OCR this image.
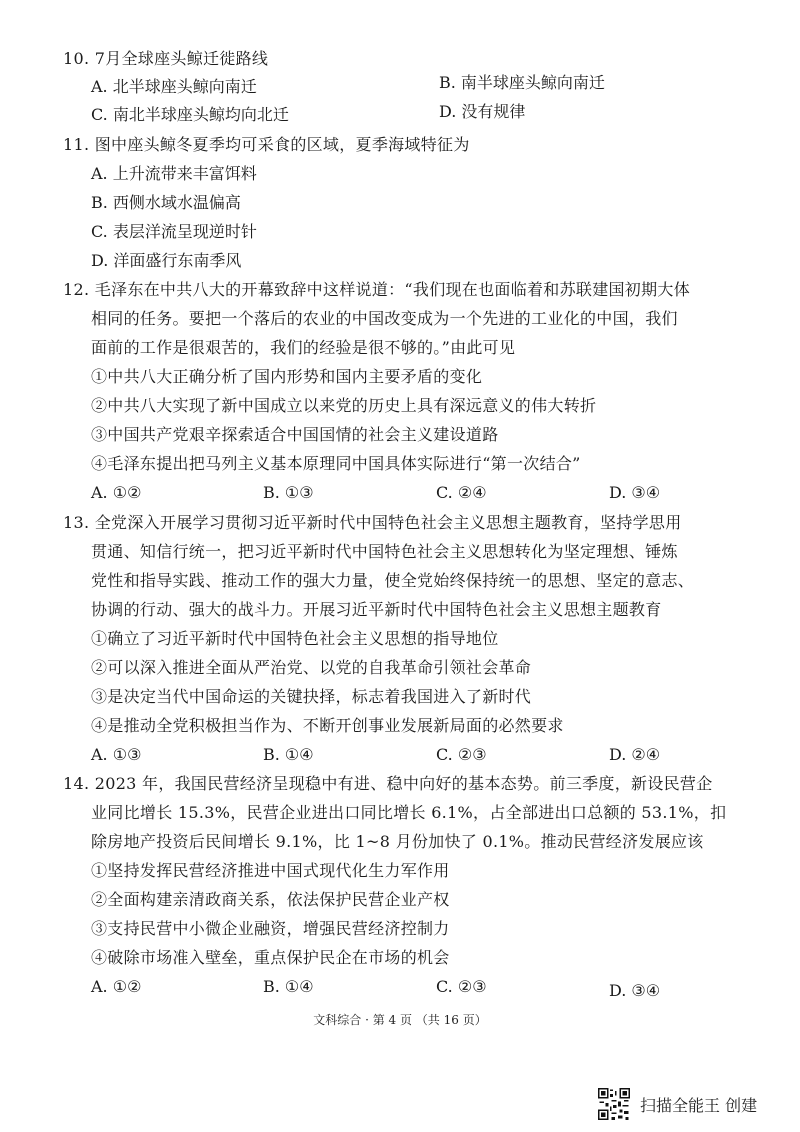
10. 7月全球座头鲸迁徙路线
A. 北半球座头鲸向南迁	B. 南半球座头鲸向南迁
C. 南北半球座头鲸均向北迁	D. 没有规律
11. 图中座头鲸冬夏季均可采食的区域，夏季海域特征为
A. 上升流带来丰富饵料
B. 西侧水域水温偏高
C. 表层洋流呈现逆时针
D. 洋面盛行东南季风
12. 毛泽东在中共八大的开幕致辞中这样说道：“我们现在也面临着和苏联建国初期大体
相同的任务。要把一个落后的农业的中国改变成为一个先进的工业化的中国，我们
面前的工作是很艰苦的，我们的经验是很不够的。”由此可见
①中共八大正确分析了国内形势和国内主要矛盾的变化
②中共八大实现了新中国成立以来党的历史上具有深远意义的伟大转折
③中国共产党艰辛探索适合中国国情的社会主义建设道路
④毛泽东提出把马列主义基本原理同中国具体实际进行“第一次结合”
A. ①②	B. ①③	C. ②④	D. ③④
13. 全党深入开展学习贯彻习近平新时代中国特色社会主义思想主题教育，坚持学思用
贯通、知信行统一，把习近平新时代中国特色社会主义思想转化为坚定理想、锤炼
党性和指导实践、推动工作的强大力量，使全党始终保持统一的思想、坚定的意志、
协调的行动、强大的战斗力。开展习近平新时代中国特色社会主义思想主题教育
①确立了习近平新时代中国特色社会主义思想的指导地位
②可以深入推进全面从严治党、以党的自我革命引领社会革命
③是决定当代中国命运的关键抉择，标志着我国进入了新时代
④是推动全党积极担当作为、不断开创事业发展新局面的必然要求
A. ①③	B. ①④	C. ②③	D. ②④
14. 2023 年，我国民营经济呈现稳中有进、稳中向好的基本态势。前三季度，新设民营企
业同比增长 15.3%，民营企业进出口同比增长 6.1%，占全部进出口总额的 53.1%，扣
除房地产投资后民间增长 9.1%，比 1~8 月份加快了 0.1%。推动民营经济发展应该
①坚持发挥民营经济推进中国式现代化生力军作用
②全面构建亲清政商关系，依法保护民营企业产权
③支持民营中小微企业融资，增强民营经济控制力
④破除市场准入壁垒，重点保护民企在市场的机会
A. ①②	B. ①④	C. ②③	D. ③④
文科综合 · 第 4 页 （共 16 页）
扫描全能王 创建
